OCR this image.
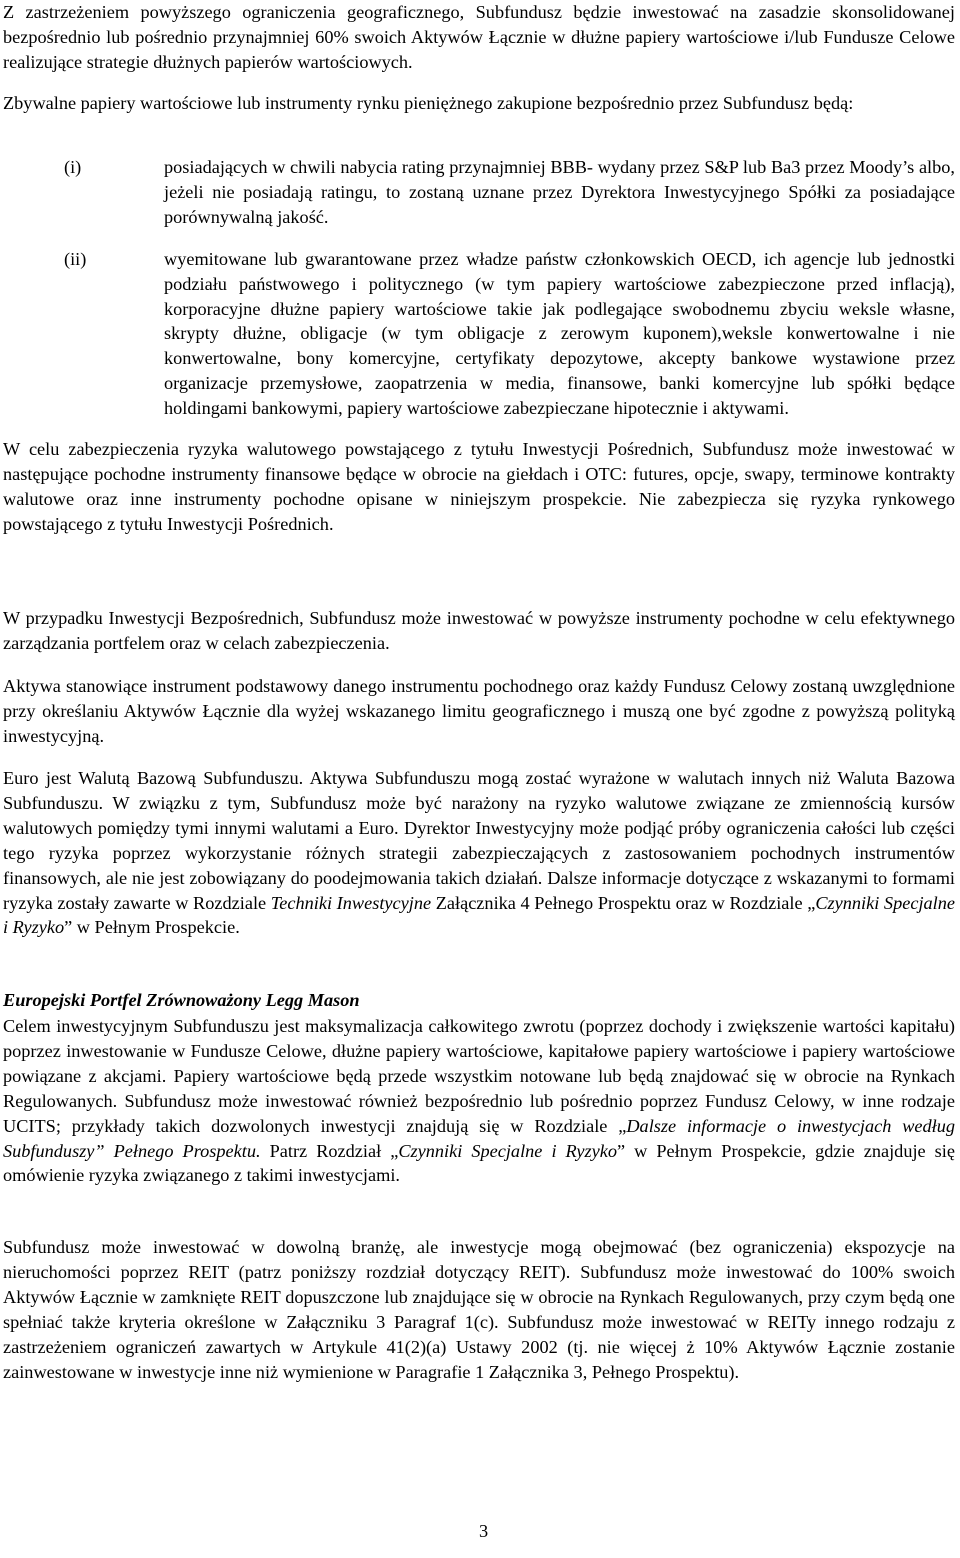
Z zastrzeżeniem powyższego ograniczenia geograficznego, Subfundusz będzie inwestować na zasadzie skonsolidowanej bezpośrednio lub pośrednio przynajmniej 60% swoich Aktywów Łącznie w dłużne papiery wartościowe i/lub Fundusze Celowe realizujące strategie dłużnych papierów wartościowych.

Zbywalne papiery wartościowe lub instrumenty rynku pieniężnego zakupione bezpośrednio przez Subfundusz będą:

(i)	posiadających w chwili nabycia rating przynajmniej BBB- wydany przez S&P lub Ba3 przez Moody’s albo, jeżeli nie posiadają ratingu, to zostaną uznane przez Dyrektora Inwestycyjnego Spółki za posiadające porównywalną jakość.

(ii)	wyemitowane lub gwarantowane przez władze państw członkowskich OECD, ich agencje lub jednostki podziału państwowego i politycznego (w tym papiery wartościowe zabezpieczone przed inflacją), korporacyjne dłużne papiery wartościowe takie jak podlegające swobodnemu zbyciu weksle własne, skrypty dłużne, obligacje (w tym obligacje z zerowym kuponem),weksle konwertowalne i nie konwertowalne, bony komercyjne, certyfikaty depozytowe, akcepty bankowe wystawione przez organizacje przemysłowe, zaopatrzenia w media, finansowe, banki komercyjne lub spółki będące holdingami bankowymi, papiery wartościowe zabezpieczane hipotecznie i aktywami.

W celu zabezpieczenia ryzyka walutowego powstającego z tytułu Inwestycji Pośrednich, Subfundusz może inwestować w następujące pochodne instrumenty finansowe będące w obrocie na giełdach i OTC: futures, opcje, swapy, terminowe kontrakty walutowe oraz inne instrumenty pochodne opisane w niniejszym prospekcie. Nie zabezpiecza się ryzyka rynkowego powstającego z tytułu Inwestycji Pośrednich.

W przypadku Inwestycji Bezpośrednich, Subfundusz może inwestować w powyższe instrumenty pochodne w celu efektywnego zarządzania portfelem oraz w celach zabezpieczenia.

Aktywa stanowiące instrument podstawowy danego instrumentu pochodnego oraz każdy Fundusz Celowy zostaną uwzględnione przy określaniu Aktywów Łącznie dla wyżej wskazanego limitu geograficznego i muszą one być zgodne z powyższą polityką inwestycyjną.

Euro jest Walutą Bazową Subfunduszu. Aktywa Subfunduszu mogą zostać wyrażone w walutach innych niż Waluta Bazowa Subfunduszu. W związku z tym, Subfundusz może być narażony na ryzyko walutowe związane ze zmiennością kursów walutowych pomiędzy tymi innymi walutami a Euro. Dyrektor Inwestycyjny może podjąć próby ograniczenia całości lub części tego ryzyka poprzez wykorzystanie różnych strategii zabezpieczających z zastosowaniem pochodnych instrumentów finansowych, ale nie jest zobowiązany do poodejmowania takich działań. Dalsze informacje dotyczące z wskazanymi to formami ryzyka zostały zawarte w Rozdziale Techniki Inwestycyjne Załącznika 4 Pełnego Prospektu oraz w Rozdziale „Czynniki Specjalne i Ryzyko” w Pełnym Prospekcie.

Europejski Portfel Zrównoważony Legg Mason

Celem inwestycyjnym Subfunduszu jest maksymalizacja całkowitego zwrotu (poprzez dochody i zwiększenie wartości kapitału) poprzez inwestowanie w Fundusze Celowe, dłużne papiery wartościowe, kapitałowe papiery wartościowe i papiery wartościowe powiązane z akcjami. Papiery wartościowe będą przede wszystkim notowane lub będą znajdować się w obrocie na Rynkach Regulowanych. Subfundusz może inwestować również bezpośrednio lub pośrednio poprzez Fundusz Celowy, w inne rodzaje UCITS; przykłady takich dozwolonych inwestycji znajdują się w Rozdziale „Dalsze informacje o inwestycjach według Subfunduszy” Pełnego Prospektu. Patrz Rozdział „Czynniki Specjalne i Ryzyko” w Pełnym Prospekcie, gdzie znajduje się omówienie ryzyka związanego z takimi inwestycjami.

Subfundusz może inwestować w dowolną branżę, ale inwestycje mogą obejmować (bez ograniczenia) ekspozycje na nieruchomości poprzez REIT (patrz poniższy rozdział dotyczący REIT). Subfundusz może inwestować do 100% swoich Aktywów Łącznie w zamknięte REIT dopuszczone lub znajdujące się w obrocie na Rynkach Regulowanych, przy czym będą one spełniać także kryteria określone w Załączniku 3 Paragraf 1(c). Subfundusz może inwestować w REITy innego rodzaju z zastrzeżeniem ograniczeń zawartych w Artykule 41(2)(a) Ustawy 2002 (tj. nie więcej ż 10% Aktywów Łącznie zostanie zainwestowane w inwestycje inne niż wymienione w Paragrafie 1 Załącznika 3, Pełnego Prospektu).

3
